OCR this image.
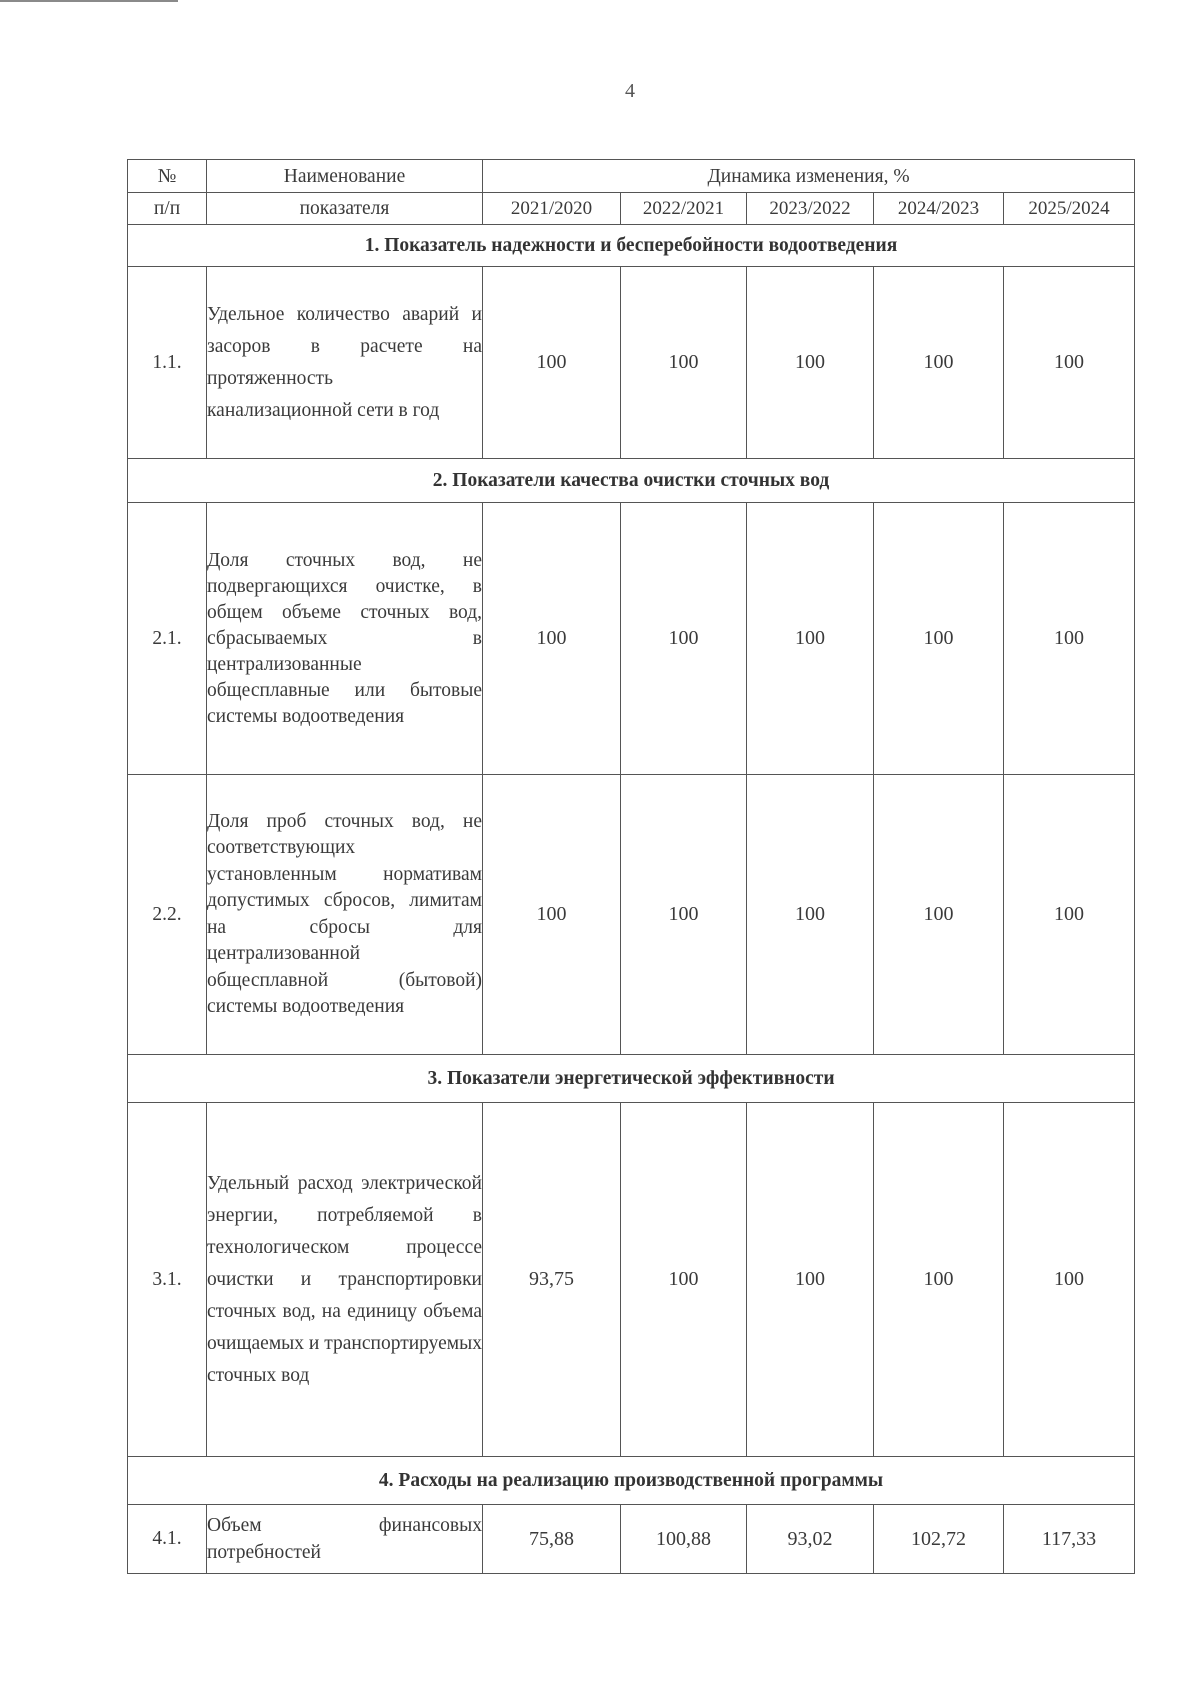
4
№	Наименование	Динамика изменения, %				
п/п	показателя	2021/2020	2022/2021	2023/2022	2024/2023	2025/2024
1. Показатель надежности и бесперебойности водоотведения						
1.1.	Удельное количество аварий и засоров в расчете на протяженность канализационной сети в год	100	100	100	100	100
2. Показатели качества очистки сточных вод						
2.1.	Доля сточных вод, не подвергающихся очистке, в общем объеме сточных вод, сбрасываемых в централизованные общесплавные или бытовые системы водоотведения	100	100	100	100	100
2.2.	Доля проб сточных вод, не соответствующих установленным нормативам допустимых сбросов, лимитам на сбросы для централизованной общесплавной (бытовой) системы водоотведения	100	100	100	100	100
3. Показатели энергетической эффективности						
3.1.	Удельный расход электрической энергии, потребляемой в технологическом процессе очистки и транспортировки сточных вод, на единицу объема очищаемых и транспортируемых сточных вод	93,75	100	100	100	100
4. Расходы на реализацию производственной программы						
4.1.	Объем финансовых потребностей	75,88	100,88	93,02	102,72	117,33
